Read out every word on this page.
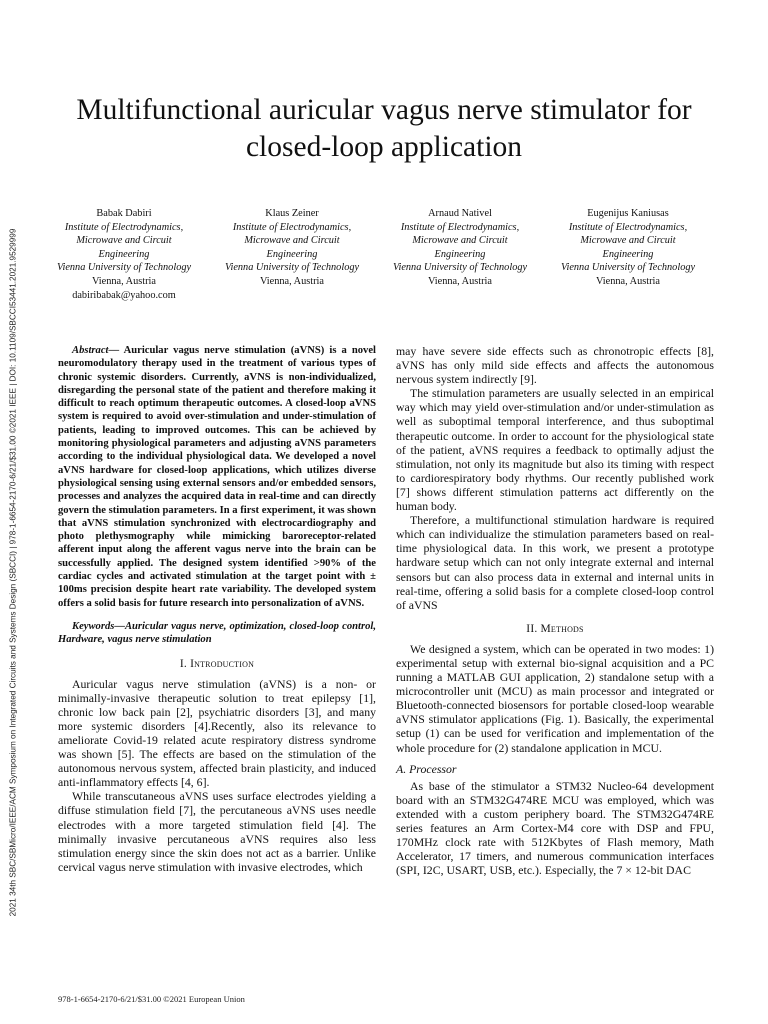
2021 34th SBC/SBMicro/IEEE/ACM Symposium on Integrated Circuits and Systems Design (SBCCI) | 978-1-6654-2170-6/21/$31.00 ©2021 IEEE | DOI: 10.1109/SBCCI53441.2021.9529999
Multifunctional auricular vagus nerve stimulator for closed-loop application
Babak Dabiri
Institute of Electrodynamics,
Microwave and Circuit
Engineering
Vienna University of Technology
Vienna, Austria
dabiribabak@yahoo.com
Klaus Zeiner
Institute of Electrodynamics,
Microwave and Circuit
Engineering
Vienna University of Technology
Vienna, Austria
Arnaud Nativel
Institute of Electrodynamics,
Microwave and Circuit
Engineering
Vienna University of Technology
Vienna, Austria
Eugenijus Kaniusas
Institute of Electrodynamics,
Microwave and Circuit
Engineering
Vienna University of Technology
Vienna, Austria

Abstract— Auricular vagus nerve stimulation (aVNS) is a novel neuromodulatory therapy used in the treatment of various types of chronic systemic disorders. Currently, aVNS is non-individualized, disregarding the personal state of the patient and therefore making it difficult to reach optimum therapeutic outcomes. A closed-loop aVNS system is required to avoid over-stimulation and under-stimulation of patients, leading to improved outcomes. This can be achieved by monitoring physiological parameters and adjusting aVNS parameters according to the individual physiological data. We developed a novel aVNS hardware for closed-loop applications, which utilizes diverse physiological sensing using external sensors and/or embedded sensors, processes and analyzes the acquired data in real-time and can directly govern the stimulation parameters. In a first experiment, it was shown that aVNS stimulation synchronized with electrocardiography and photo plethysmography while mimicking baroreceptor-related afferent input along the afferent vagus nerve into the brain can be successfully applied. The designed system identified >90% of the cardiac cycles and activated stimulation at the target point with ± 100ms precision despite heart rate variability. The developed system offers a solid basis for future research into personalization of aVNS.

Keywords—Auricular vagus nerve, optimization, closed-loop control, Hardware, vagus nerve stimulation

I. Introduction

Auricular vagus nerve stimulation (aVNS) is a non- or minimally-invasive therapeutic solution to treat epilepsy [1], chronic low back pain [2], psychiatric disorders [3], and many more systemic disorders [4].Recently, also its relevance to ameliorate Covid-19 related acute respiratory distress syndrome was shown [5]. The effects are based on the stimulation of the autonomous nervous system, affected brain plasticity, and induced anti-inflammatory effects [4, 6].

While transcutaneous aVNS uses surface electrodes yielding a diffuse stimulation field [7], the percutaneous aVNS uses needle electrodes with a more targeted stimulation field [4]. The minimally invasive percutaneous aVNS requires also less stimulation energy since the skin does not act as a barrier. Unlike cervical vagus nerve stimulation with invasive electrodes, which

may have severe side effects such as chronotropic effects [8], aVNS has only mild side effects and affects the autonomous nervous system indirectly [9].

The stimulation parameters are usually selected in an empirical way which may yield over-stimulation and/or under-stimulation as well as suboptimal temporal interference, and thus suboptimal therapeutic outcome. In order to account for the physiological state of the patient, aVNS requires a feedback to optimally adjust the stimulation, not only its magnitude but also its timing with respect to cardiorespiratory body rhythms. Our recently published work [7] shows different stimulation patterns act differently on the human body.

Therefore, a multifunctional stimulation hardware is required which can individualize the stimulation parameters based on real-time physiological data. In this work, we present a prototype hardware setup which can not only integrate external and internal sensors but can also process data in external and internal units in real-time, offering a solid basis for a complete closed-loop control of aVNS

II. Methods

We designed a system, which can be operated in two modes: 1) experimental setup with external bio-signal acquisition and a PC running a MATLAB GUI application, 2) standalone setup with a microcontroller unit (MCU) as main processor and integrated or Bluetooth-connected biosensors for portable closed-loop wearable aVNS stimulator applications (Fig. 1). Basically, the experimental setup (1) can be used for verification and implementation of the whole procedure for (2) standalone application in MCU.

A. Processor

As base of the stimulator a STM32 Nucleo-64 development board with an STM32G474RE MCU was employed, which was extended with a custom periphery board. The STM32G474RE series features an Arm Cortex-M4 core with DSP and FPU, 170MHz clock rate with 512Kbytes of Flash memory, Math Accelerator, 17 timers, and numerous communication interfaces (SPI, I2C, USART, USB, etc.). Especially, the 7 × 12-bit DAC

978-1-6654-2170-6/21/$31.00 ©2021 European Union
